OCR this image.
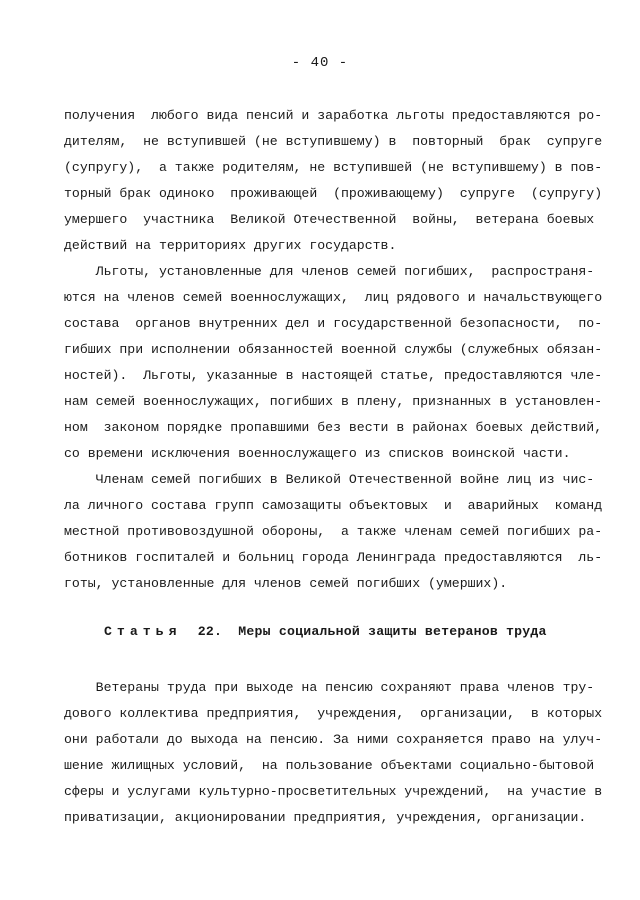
- 40 -
получения  любого вида пенсий и заработка льготы предоставляются ро-
дителям,  не вступившей (не вступившему) в  повторный  брак  супруге
(супругу),  а также родителям, не вступившей (не вступившему) в пов-
торный брак одиноко  проживающей  (проживающему)  супруге  (супругу)
умершего  участника  Великой Отечественной  войны,  ветерана боевых
действий на территориях других государств.
Льготы, установленные для членов семей погибших,  распространя-
ются на членов семей военнослужащих,  лиц рядового и начальствующего
состава  органов внутренних дел и государственной безопасности,  по-
гибших при исполнении обязанностей военной службы (служебных обязан-
ностей).  Льготы, указанные в настоящей статье, предоставляются чле-
нам семей военнослужащих, погибших в плену, признанных в установлен-
ном  законом порядке пропавшими без вести в районах боевых действий,
со времени исключения военнослужащего из списков воинской части.
Членам семей погибших в Великой Отечественной войне лиц из чис-
ла личного состава групп самозащиты объектовых  и  аварийных  команд
местной противовоздушной обороны,  а также членам семей погибших ра-
ботников госпиталей и больниц города Ленинграда предоставляются  ль-
готы, установленные для членов семей погибших (умерших).
Статья 22. Меры социальной защиты ветеранов труда
Ветераны труда при выходе на пенсию сохраняют права членов тру-
дового коллектива предприятия,  учреждения,  организации,  в которых
они работали до выхода на пенсию. За ними сохраняется право на улуч-
шение жилищных условий,  на пользование объектами социально-бытовой
сферы и услугами культурно-просветительных учреждений,  на участие в
приватизации, акционировании предприятия, учреждения, организации.
